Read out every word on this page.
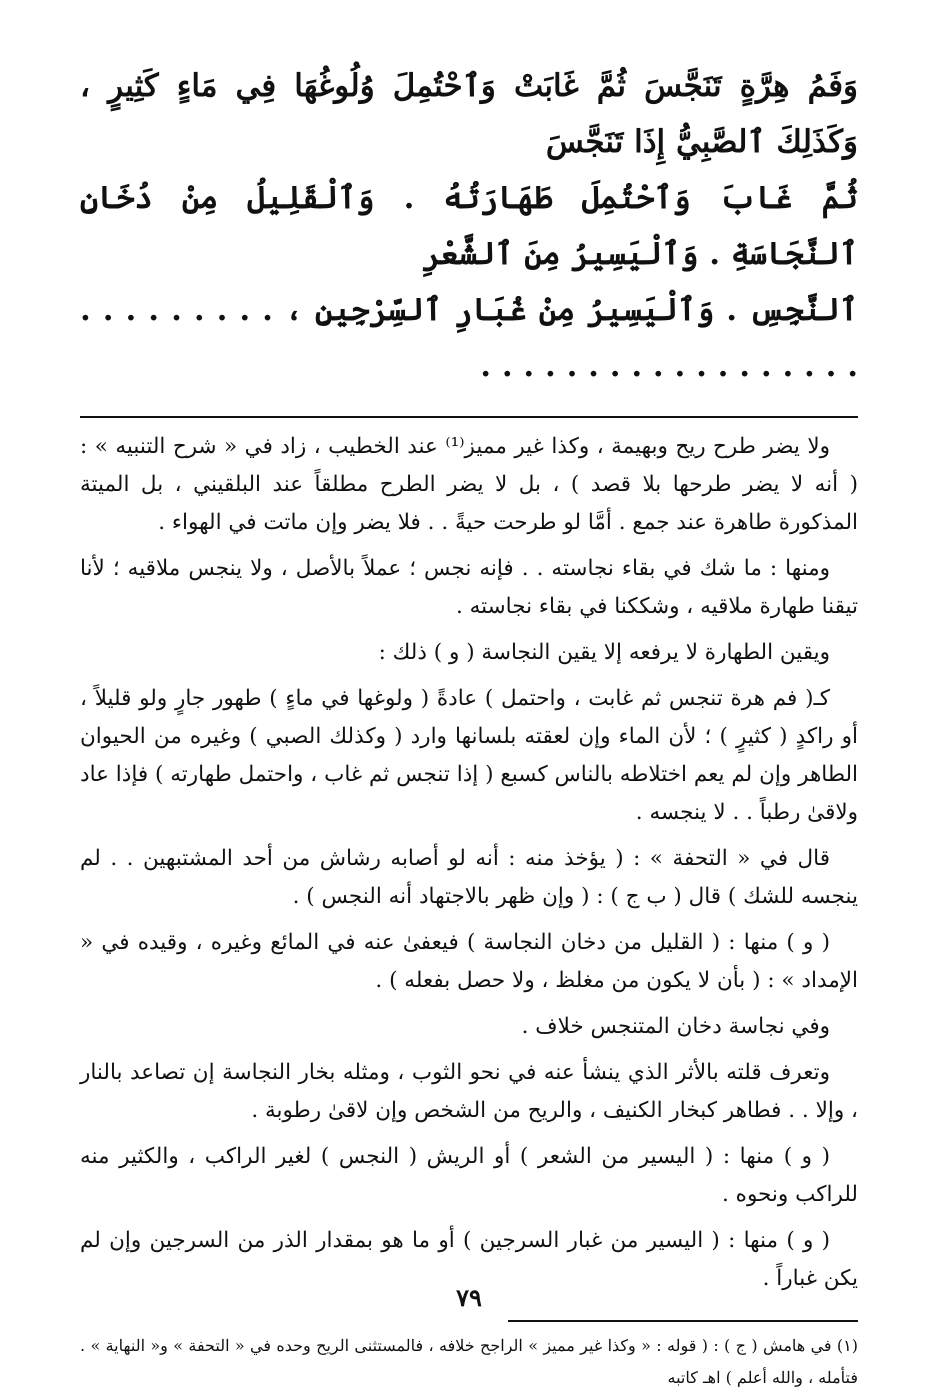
وَفَمُ هِرَّةٍ تَنَجَّسَ ثُمَّ غَابَتْ وَٱحْتُمِلَ وُلُوغُهَا فِي مَاءٍ كَثِيرٍ ، وَكَذَلِكَ ٱلصَّبِيُّ إِذَا تَنَجَّسَ

ثُمَّ غَابَ وَٱحْتُمِلَ طَهَارَتُهُ . وَٱلْقَلِيلُ مِنْ دُخَانِ ٱلنَّجَاسَةِ . وَٱلْيَسِيرُ مِنَ ٱلشَّعْرِ

ٱلنَّجِسِ . وَٱلْيَسِيرُ مِنْ غُبَارِ ٱلسِّرْجِينِ ، . . . . . . . . . . . . . . . . . . . . . . . . . . .

ولا يضر طرح ريح وبهيمة ، وكذا غير مميز⁽¹⁾ عند الخطيب ، زاد في « شرح التنبيه » : ( أنه لا يضر طرحها بلا قصد ) ، بل لا يضر الطرح مطلقاً عند البلقيني ، بل الميتة المذكورة طاهرة عند جمع . أمَّا لو طرحت حيةً . . فلا يضر وإن ماتت في الهواء .

ومنها : ما شك في بقاء نجاسته . . فإنه نجس ؛ عملاً بالأصل ، ولا ينجس ملاقيه ؛ لأنا تيقنا طهارة ملاقيه ، وشككنا في بقاء نجاسته .

ويقين الطهارة لا يرفعه إلا يقين النجاسة ( و ) ذلك :

كـ( فم هرة تنجس ثم غابت ، واحتمل ) عادةً ( ولوغها في ماءٍ ) طهور جارٍ ولو قليلاً ، أو راكدٍ ( كثيرٍ ) ؛ لأن الماء وإن لعقته بلسانها وارد ( وكذلك الصبي ) وغيره من الحيوان الطاهر وإن لم يعم اختلاطه بالناس كسبع ( إذا تنجس ثم غاب ، واحتمل طهارته ) فإذا عاد ولاقىٰ رطباً . . لا ينجسه .

قال في « التحفة » : ( يؤخذ منه : أنه لو أصابه رشاش من أحد المشتبهين . . لم ينجسه للشك ) قال ( ب ج ) : ( وإن ظهر بالاجتهاد أنه النجس ) .

( و ) منها : ( القليل من دخان النجاسة ) فيعفىٰ عنه في المائع وغيره ، وقيده في « الإمداد » : ( بأن لا يكون من مغلظ ، ولا حصل بفعله ) .

وفي نجاسة دخان المتنجس خلاف .

وتعرف قلته بالأثر الذي ينشأ عنه في نحو الثوب ، ومثله بخار النجاسة إن تصاعد بالنار ، وإلا . . فطاهر كبخار الكنيف ، والريح من الشخص وإن لاقىٰ رطوبة .

( و ) منها : ( اليسير من الشعر ) أو الريش ( النجس ) لغير الراكب ، والكثير منه للراكب ونحوه .

( و ) منها : ( اليسير من غبار السرجين ) أو ما هو بمقدار الذر من السرجين وإن لم يكن غباراً .

(١) في هامش ( ج ) : ( قوله : « وكذا غير مميز » الراجح خلافه ، فالمستثنى الريح وحده في « التحفة » و« النهاية » . فتأمله ، والله أعلم ) اهـ كاتبه

٧٩
